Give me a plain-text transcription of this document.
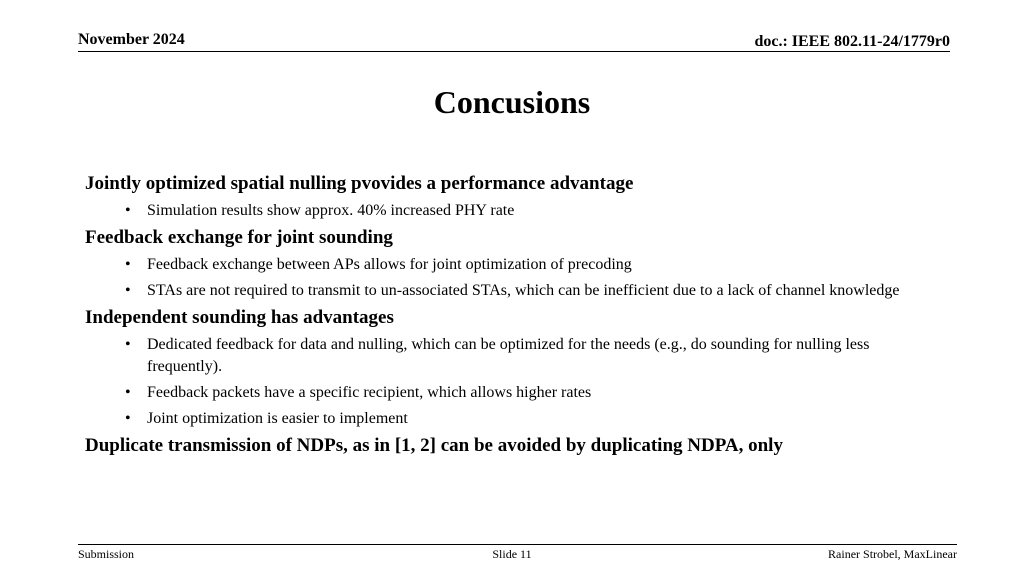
November 2024	doc.: IEEE 802.11-24/1779r0
Concusions
Jointly optimized spatial nulling pvovides a performance advantage
• Simulation results show approx. 40% increased PHY rate
Feedback exchange for joint sounding
• Feedback exchange between APs allows for joint optimization of precoding
• STAs are not required to transmit to un-associated STAs, which can be inefficient due to a lack of channel knowledge
Independent sounding has advantages
• Dedicated feedback for data and nulling, which can be optimized for the needs (e.g., do sounding for nulling less frequently).
• Feedback packets have a specific recipient, which allows higher rates
• Joint optimization is easier to implement
Duplicate transmission of NDPs, as in [1, 2] can be avoided by duplicating NDPA, only
Submission	Slide 11	Rainer Strobel, MaxLinear
